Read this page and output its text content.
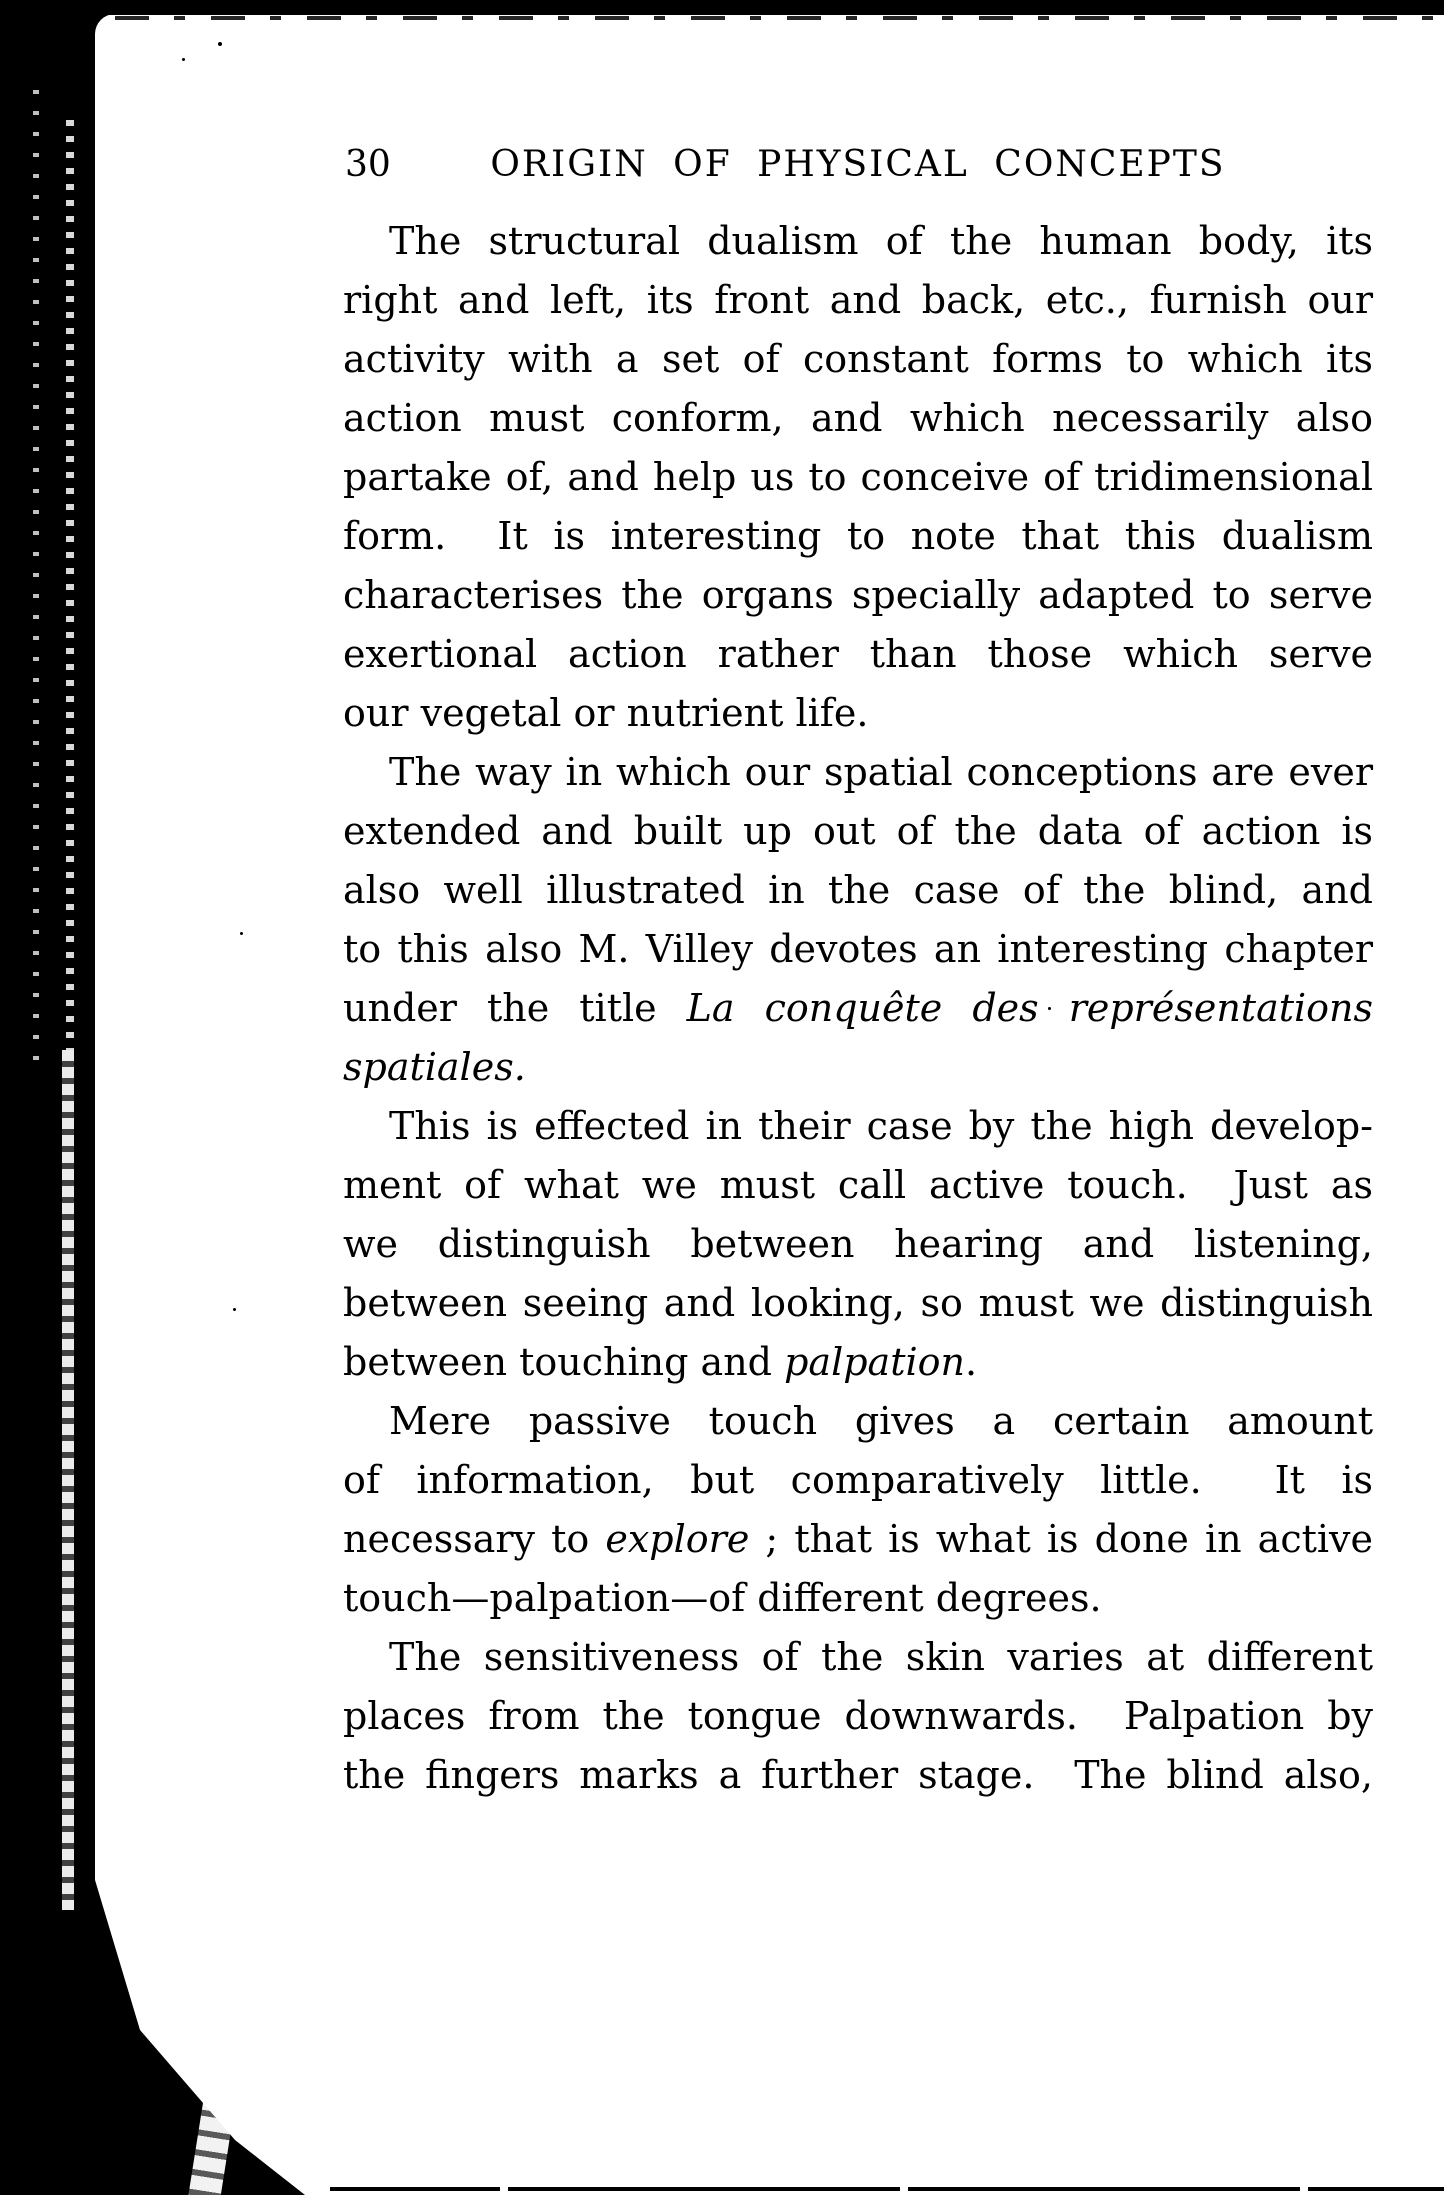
30	ORIGIN OF PHYSICAL CONCEPTS
The structural dualism of the human body, its
right and left, its front and back, etc., furnish our
activity with a set of constant forms to which its
action must conform, and which necessarily also
partake of, and help us to conceive of tridimensional
form.  It is interesting to note that this dualism
characterises the organs specially adapted to serve
exertional action rather than those which serve
our vegetal or nutrient life.
The way in which our spatial conceptions are ever
extended and built up out of the data of action is
also well illustrated in the case of the blind, and
to this also M. Villey devotes an interesting chapter
under the title La conquête des représentations
spatiales.
This is effected in their case by the high develop-
ment of what we must call active touch.  Just as
we distinguish between hearing and listening,
between seeing and looking, so must we distinguish
between touching and palpation.
Mere passive touch gives a certain amount
of information, but comparatively little.  It is
necessary to explore ; that is what is done in active
touch—palpation—of different degrees.
The sensitiveness of the skin varies at different
places from the tongue downwards.  Palpation by
the fingers marks a further stage.  The blind also,
